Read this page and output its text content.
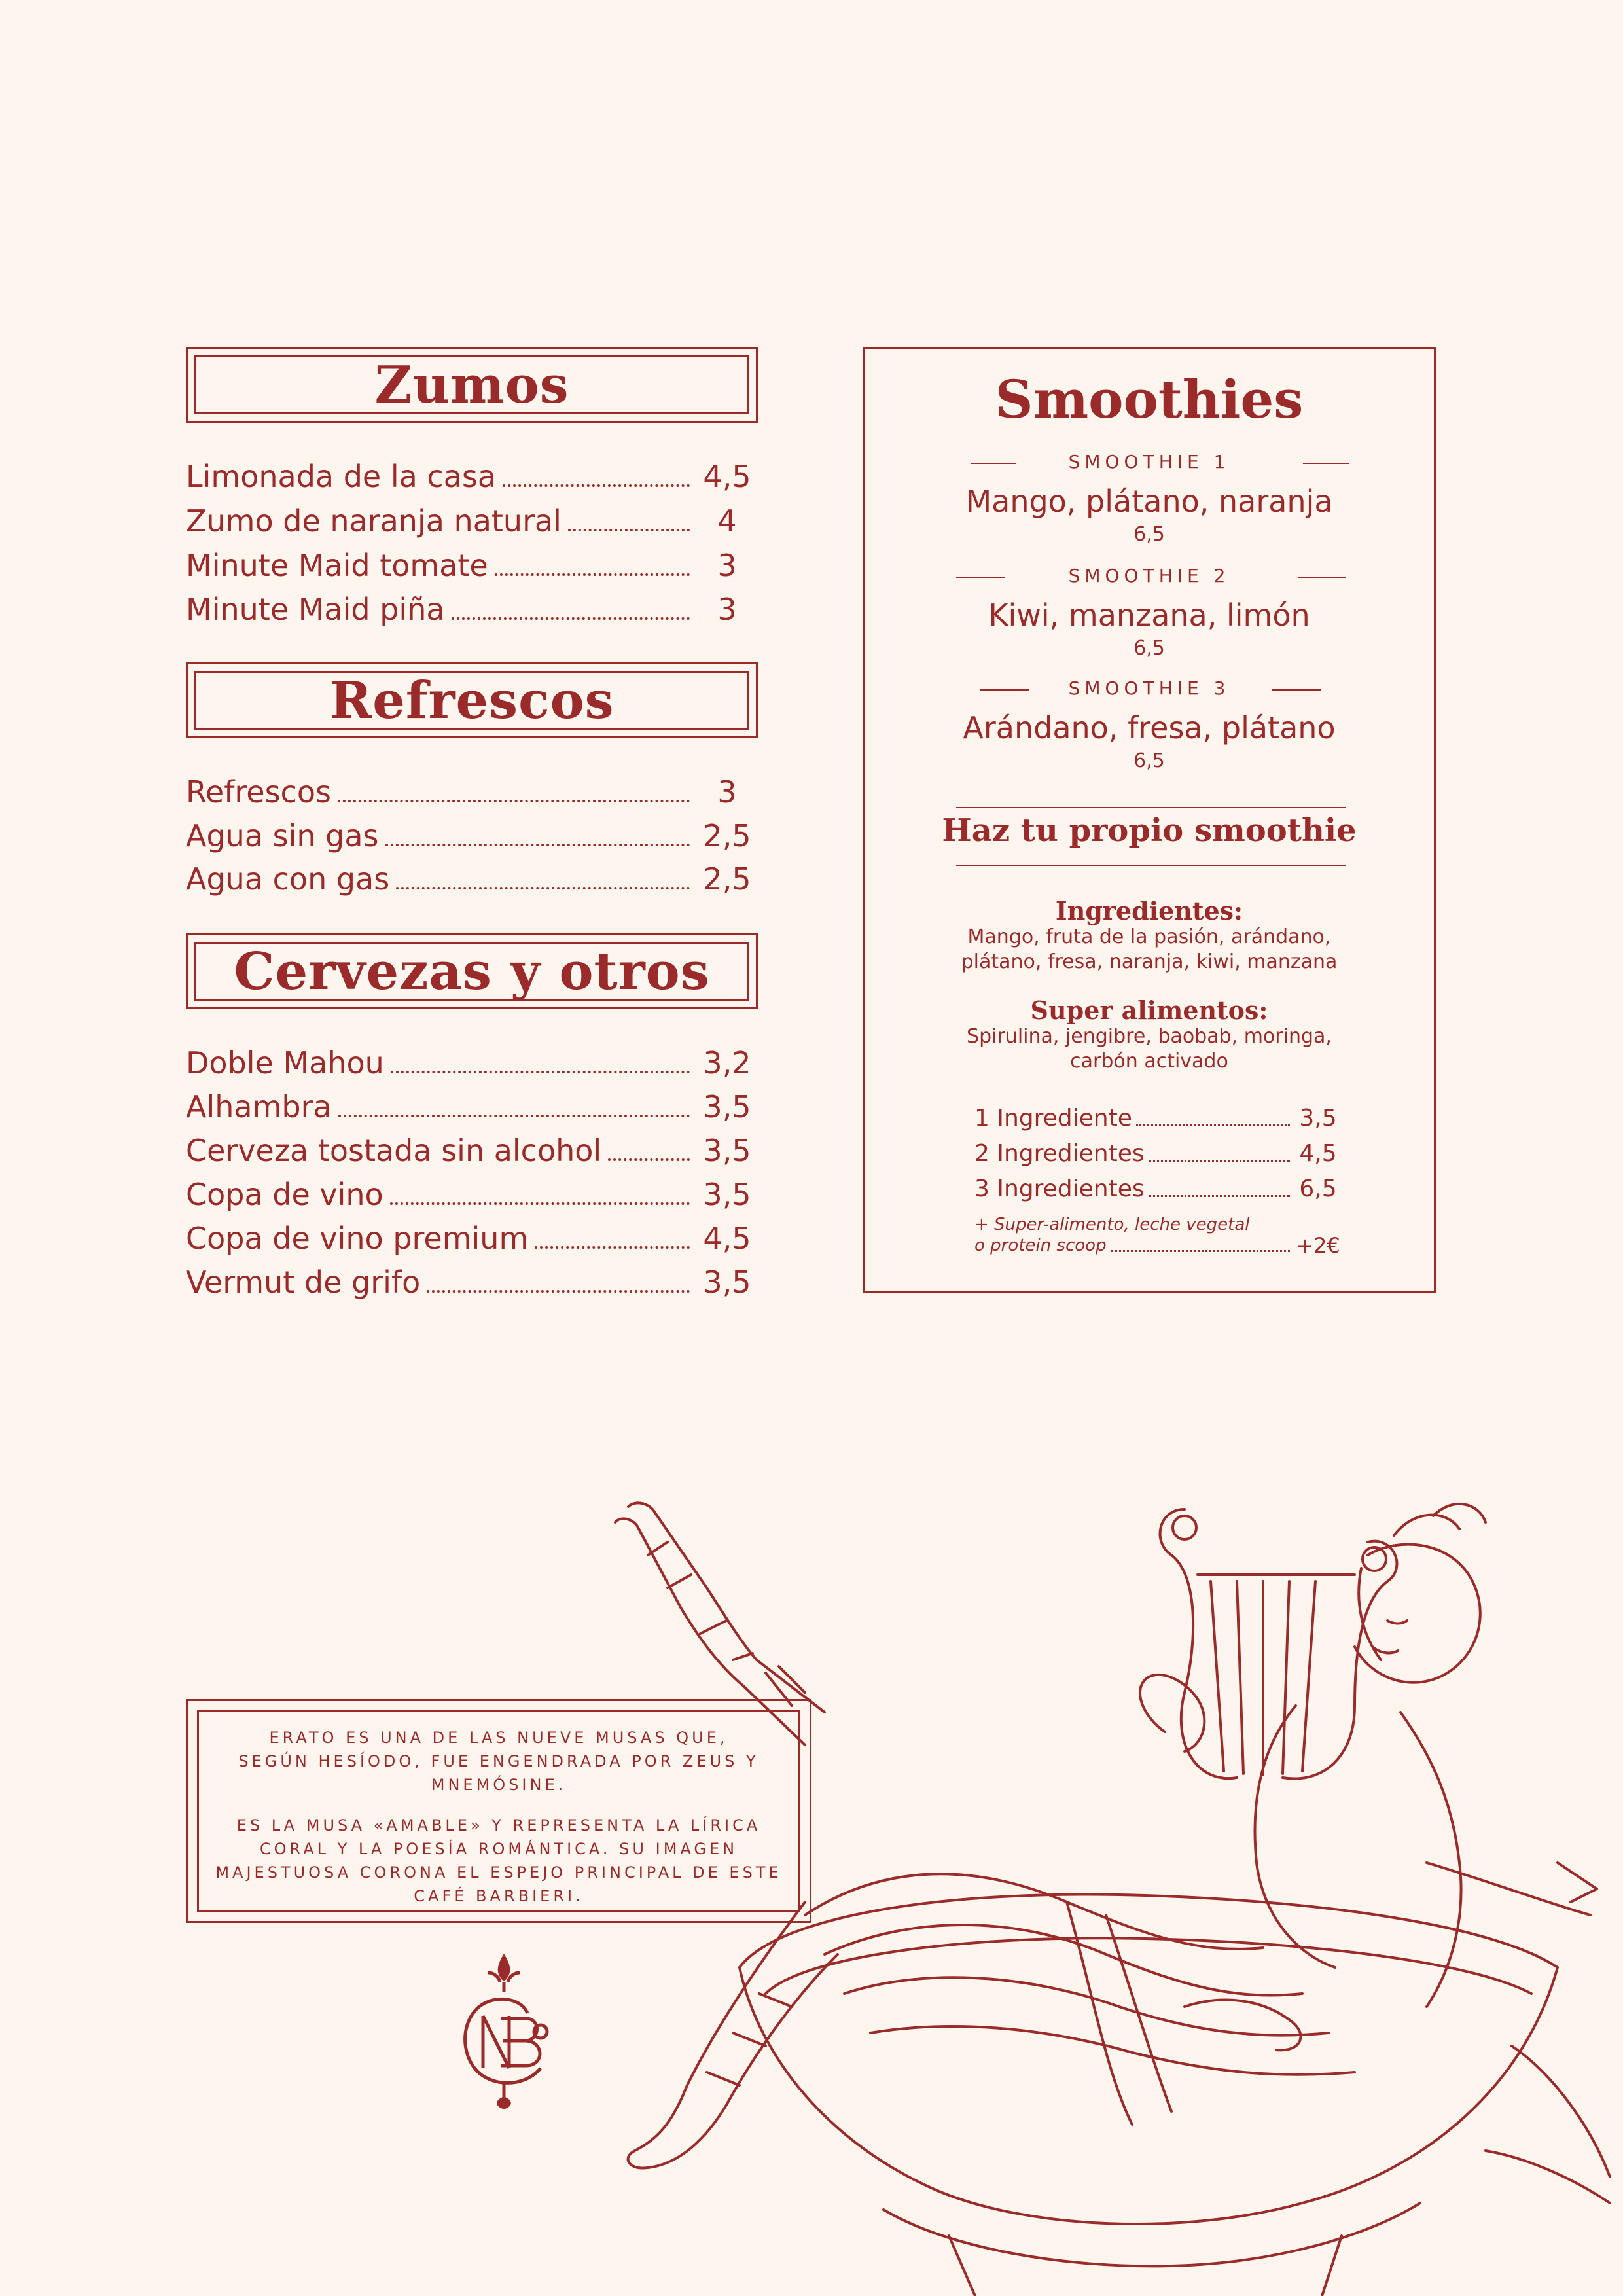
Zumos
Limonada de la casa	4,5
Zumo de naranja natural	4
Minute Maid tomate	3
Minute Maid piña	3
Refrescos
Refrescos	3
Agua sin gas	2,5
Agua con gas	2,5
Cervezas y otros
Doble Mahou	3,2
Alhambra	3,5
Cerveza tostada sin alcohol	3,5
Copa de vino	3,5
Copa de vino premium	4,5
Vermut de grifo	3,5
Smoothies
SMOOTHIE 1
Mango, plátano, naranja
6,5
SMOOTHIE 2
Kiwi, manzana, limón
6,5
SMOOTHIE 3
Arándano, fresa, plátano
6,5
Haz tu propio smoothie
Ingredientes:
Mango, fruta de la pasión, arándano,
plátano, fresa, naranja, kiwi, manzana
Super alimentos:
Spirulina, jengibre, baobab, moringa,
carbón activado
1 Ingrediente	3,5
2 Ingredientes	4,5
3 Ingredientes	6,5
+ Super-alimento, leche vegetal
o protein scoop	+2€
ERATO ES UNA DE LAS NUEVE MUSAS QUE,
SEGÚN HESÍODO, FUE ENGENDRADA POR ZEUS Y
MNEMÓSINE.
ES LA MUSA «AMABLE» Y REPRESENTA LA LÍRICA
CORAL Y LA POESÍA ROMÁNTICA. SU IMAGEN
MAJESTUOSA CORONA EL ESPEJO PRINCIPAL DE ESTE
CAFÉ BARBIERI.
